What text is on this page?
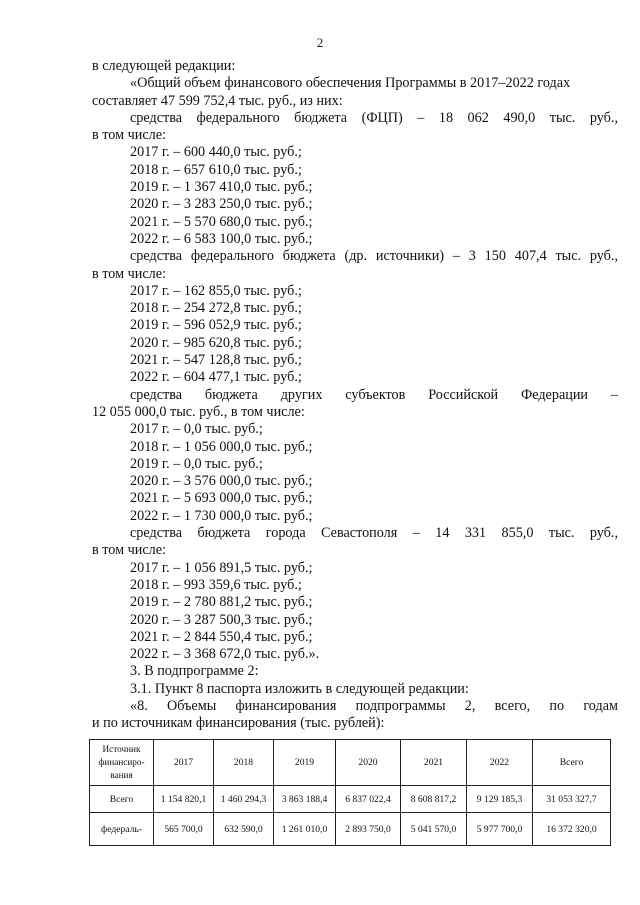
2

в следующей редакции:

«Общий объем финансового обеспечения Программы в 2017–2022 годах

составляет 47 599 752,4 тыс. руб., из них:

средства федерального бюджета (ФЦП) – 18 062 490,0 тыс. руб.,

в том числе:

2017 г. – 600 440,0 тыс. руб.;

2018 г. – 657 610,0 тыс. руб.;

2019 г. – 1 367 410,0 тыс. руб.;

2020 г. – 3 283 250,0 тыс. руб.;

2021 г. – 5 570 680,0 тыс. руб.;

2022 г. – 6 583 100,0 тыс. руб.;

средства федерального бюджета (др. источники) – 3 150 407,4 тыс. руб.,

в том числе:

2017 г. – 162 855,0 тыс. руб.;

2018 г. – 254 272,8 тыс. руб.;

2019 г. – 596 052,9 тыс. руб.;

2020 г. – 985 620,8 тыс. руб.;

2021 г. – 547 128,8 тыс. руб.;

2022 г. – 604 477,1 тыс. руб.;

средства бюджета других субъектов Российской Федерации –

12 055 000,0 тыс. руб., в том числе:

2017 г. – 0,0 тыс. руб.;

2018 г. – 1 056 000,0 тыс. руб.;

2019 г. – 0,0 тыс. руб.;

2020 г. – 3 576 000,0 тыс. руб.;

2021 г. – 5 693 000,0 тыс. руб.;

2022 г. – 1 730 000,0 тыс. руб.;

средства бюджета города Севастополя – 14 331 855,0 тыс. руб.,

в том числе:

2017 г. – 1 056 891,5 тыс. руб.;

2018 г. – 993 359,6 тыс. руб.;

2019 г. – 2 780 881,2 тыс. руб.;

2020 г. – 3 287 500,3 тыс. руб.;

2021 г. – 2 844 550,4 тыс. руб.;

2022 г. – 3 368 672,0 тыс. руб.».

3. В подпрограмме 2:

3.1. Пункт 8 паспорта изложить в следующей редакции:

«8. Объемы финансирования подпрограммы 2, всего, по годам

и по источникам финансирования (тыс. рублей):

Источник финансиро-вания	2017	2018	2019	2020	2021	2022	Всего
Всего	1 154 820,1	1 460 294,3	3 863 188,4	6 837 022,4	8 608 817,2	9 129 185,3	31 053 327,7
федераль-	565 700,0	632 590,0	1 261 010,0	2 893 750,0	5 041 570,0	5 977 700,0	16 372 320,0
